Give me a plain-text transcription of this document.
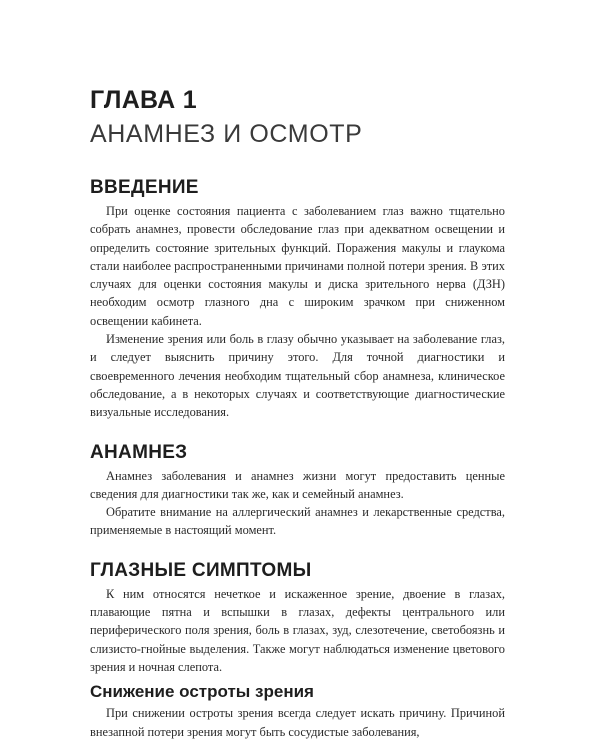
ГЛАВА 1
АНАМНЕЗ И ОСМОТР
ВВЕДЕНИЕ

При оценке состояния пациента с заболеванием глаз важно тщательно собрать анамнез, провести обследование глаз при адекватном освещении и определить состояние зрительных функций. Поражения макулы и глаукома стали наиболее распространенными причинами полной потери зрения. В этих случаях для оценки состояния макулы и диска зрительного нерва (ДЗН) необходим осмотр глазного дна с широким зрачком при сниженном освещении кабинета.

Изменение зрения или боль в глазу обычно указывает на заболевание глаз, и следует выяснить причину этого. Для точной диагностики и своевременного лечения необходим тщательный сбор анамнеза, клиническое обследование, а в некоторых случаях и соответствующие диагностические визуальные исследования.

АНАМНЕЗ

Анамнез заболевания и анамнез жизни могут предоставить ценные сведения для диагностики так же, как и семейный анамнез.

Обратите внимание на аллергический анамнез и лекарственные средства, применяемые в настоящий момент.

ГЛАЗНЫЕ СИМПТОМЫ

К ним относятся нечеткое и искаженное зрение, двоение в глазах, плавающие пятна и вспышки в глазах, дефекты центрального или периферического поля зрения, боль в глазах, зуд, слезотечение, светобоязнь и слизисто-гнойные выделения. Также могут наблюдаться изменение цветового зрения и ночная слепота.

Снижение остроты зрения

При снижении остроты зрения всегда следует искать причину. Причиной внезапной потери зрения могут быть сосудистые заболевания,
